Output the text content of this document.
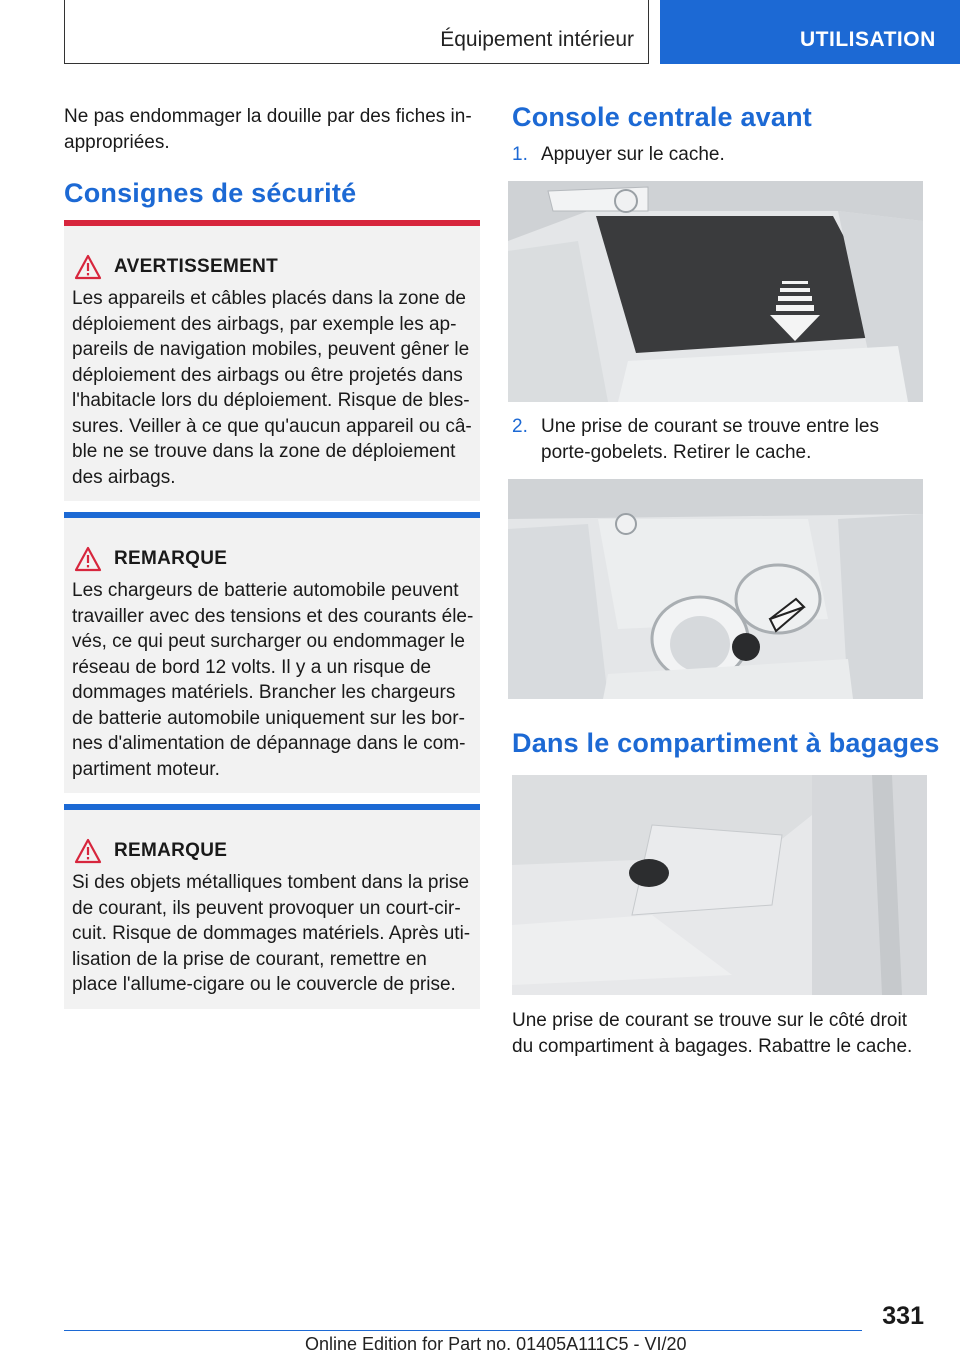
Équipement intérieur	UTILISATION

Ne pas endommager la douille par des fiches inappropriées.

Consignes de sécurité
AVERTISSEMENT
Les appareils et câbles placés dans la zone de déploiement des airbags, par exemple les appareils de navigation mobiles, peuvent gêner le déploiement des airbags ou être projetés dans l'habitacle lors du déploiement. Risque de blessures. Veiller à ce que qu'aucun appareil ou câble ne se trouve dans la zone de déploiement des airbags.
REMARQUE
Les chargeurs de batterie automobile peuvent travailler avec des tensions et des courants élevés, ce qui peut surcharger ou endommager le réseau de bord 12 volts. Il y a un risque de dommages matériels. Brancher les chargeurs de batterie automobile uniquement sur les bornes d'alimentation de dépannage dans le compartiment moteur.
REMARQUE
Si des objets métalliques tombent dans la prise de courant, ils peuvent provoquer un court-circuit. Risque de dommages matériels. Après utilisation de la prise de courant, remettre en place l'allume-cigare ou le couvercle de prise.
Console centrale avant
1. Appuyer sur le cache.
2. Une prise de courant se trouve entre les porte-gobelets. Retirer le cache.
Dans le compartiment à bagages

Une prise de courant se trouve sur le côté droit du compartiment à bagages. Rabattre le cache.

331
Online Edition for Part no. 01405A111C5 - VI/20
